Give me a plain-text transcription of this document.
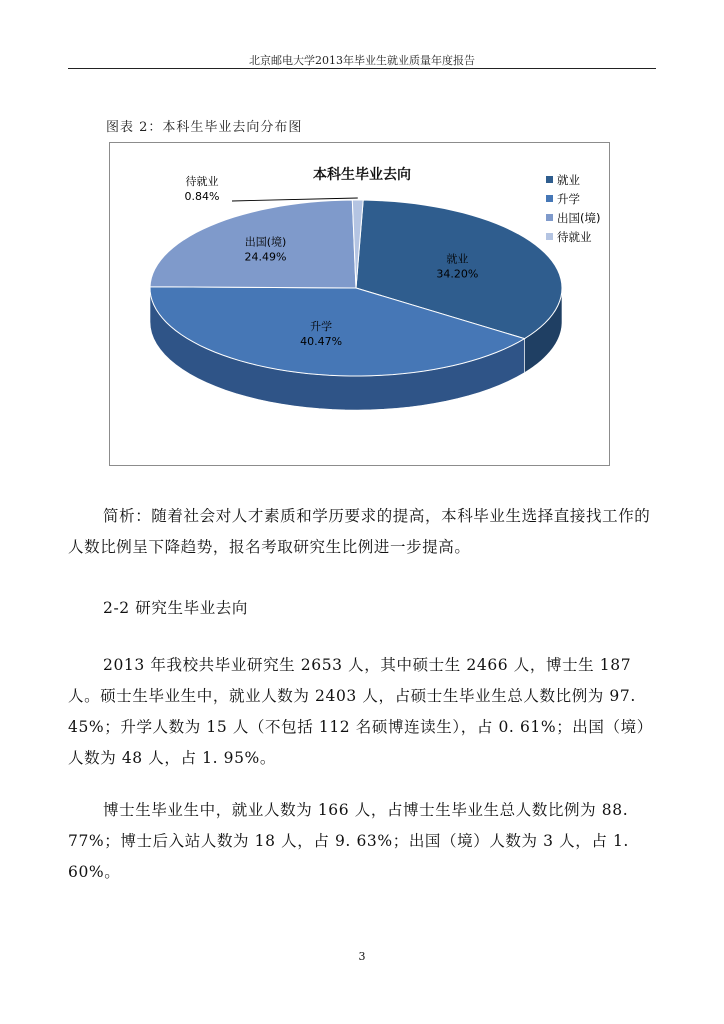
北京邮电大学2013年毕业生就业质量年度报告
图表 2：本科生毕业去向分布图
本科生毕业去向
就业
34.20%
升学
40.47%
出国(境)
24.49%
待就业
0.84%
就业
升学
出国(境)
待就业
简析：随着社会对人才素质和学历要求的提高，本科毕业生选择直接找工作的人数比例呈下降趋势，报名考取研究生比例进一步提高。
2-2 研究生毕业去向
2013 年我校共毕业研究生 2653 人，其中硕士生 2466 人，博士生 187 人。硕士生毕业生中，就业人数为 2403 人，占硕士生毕业生总人数比例为 97. 45%；升学人数为 15 人（不包括 112 名硕博连读生），占 0. 61%；出国（境）人数为 48 人，占 1. 95%。
博士生毕业生中，就业人数为 166 人，占博士生毕业生总人数比例为 88. 77%；博士后入站人数为 18 人，占 9. 63%；出国（境）人数为 3 人，占 1. 60%。
3
